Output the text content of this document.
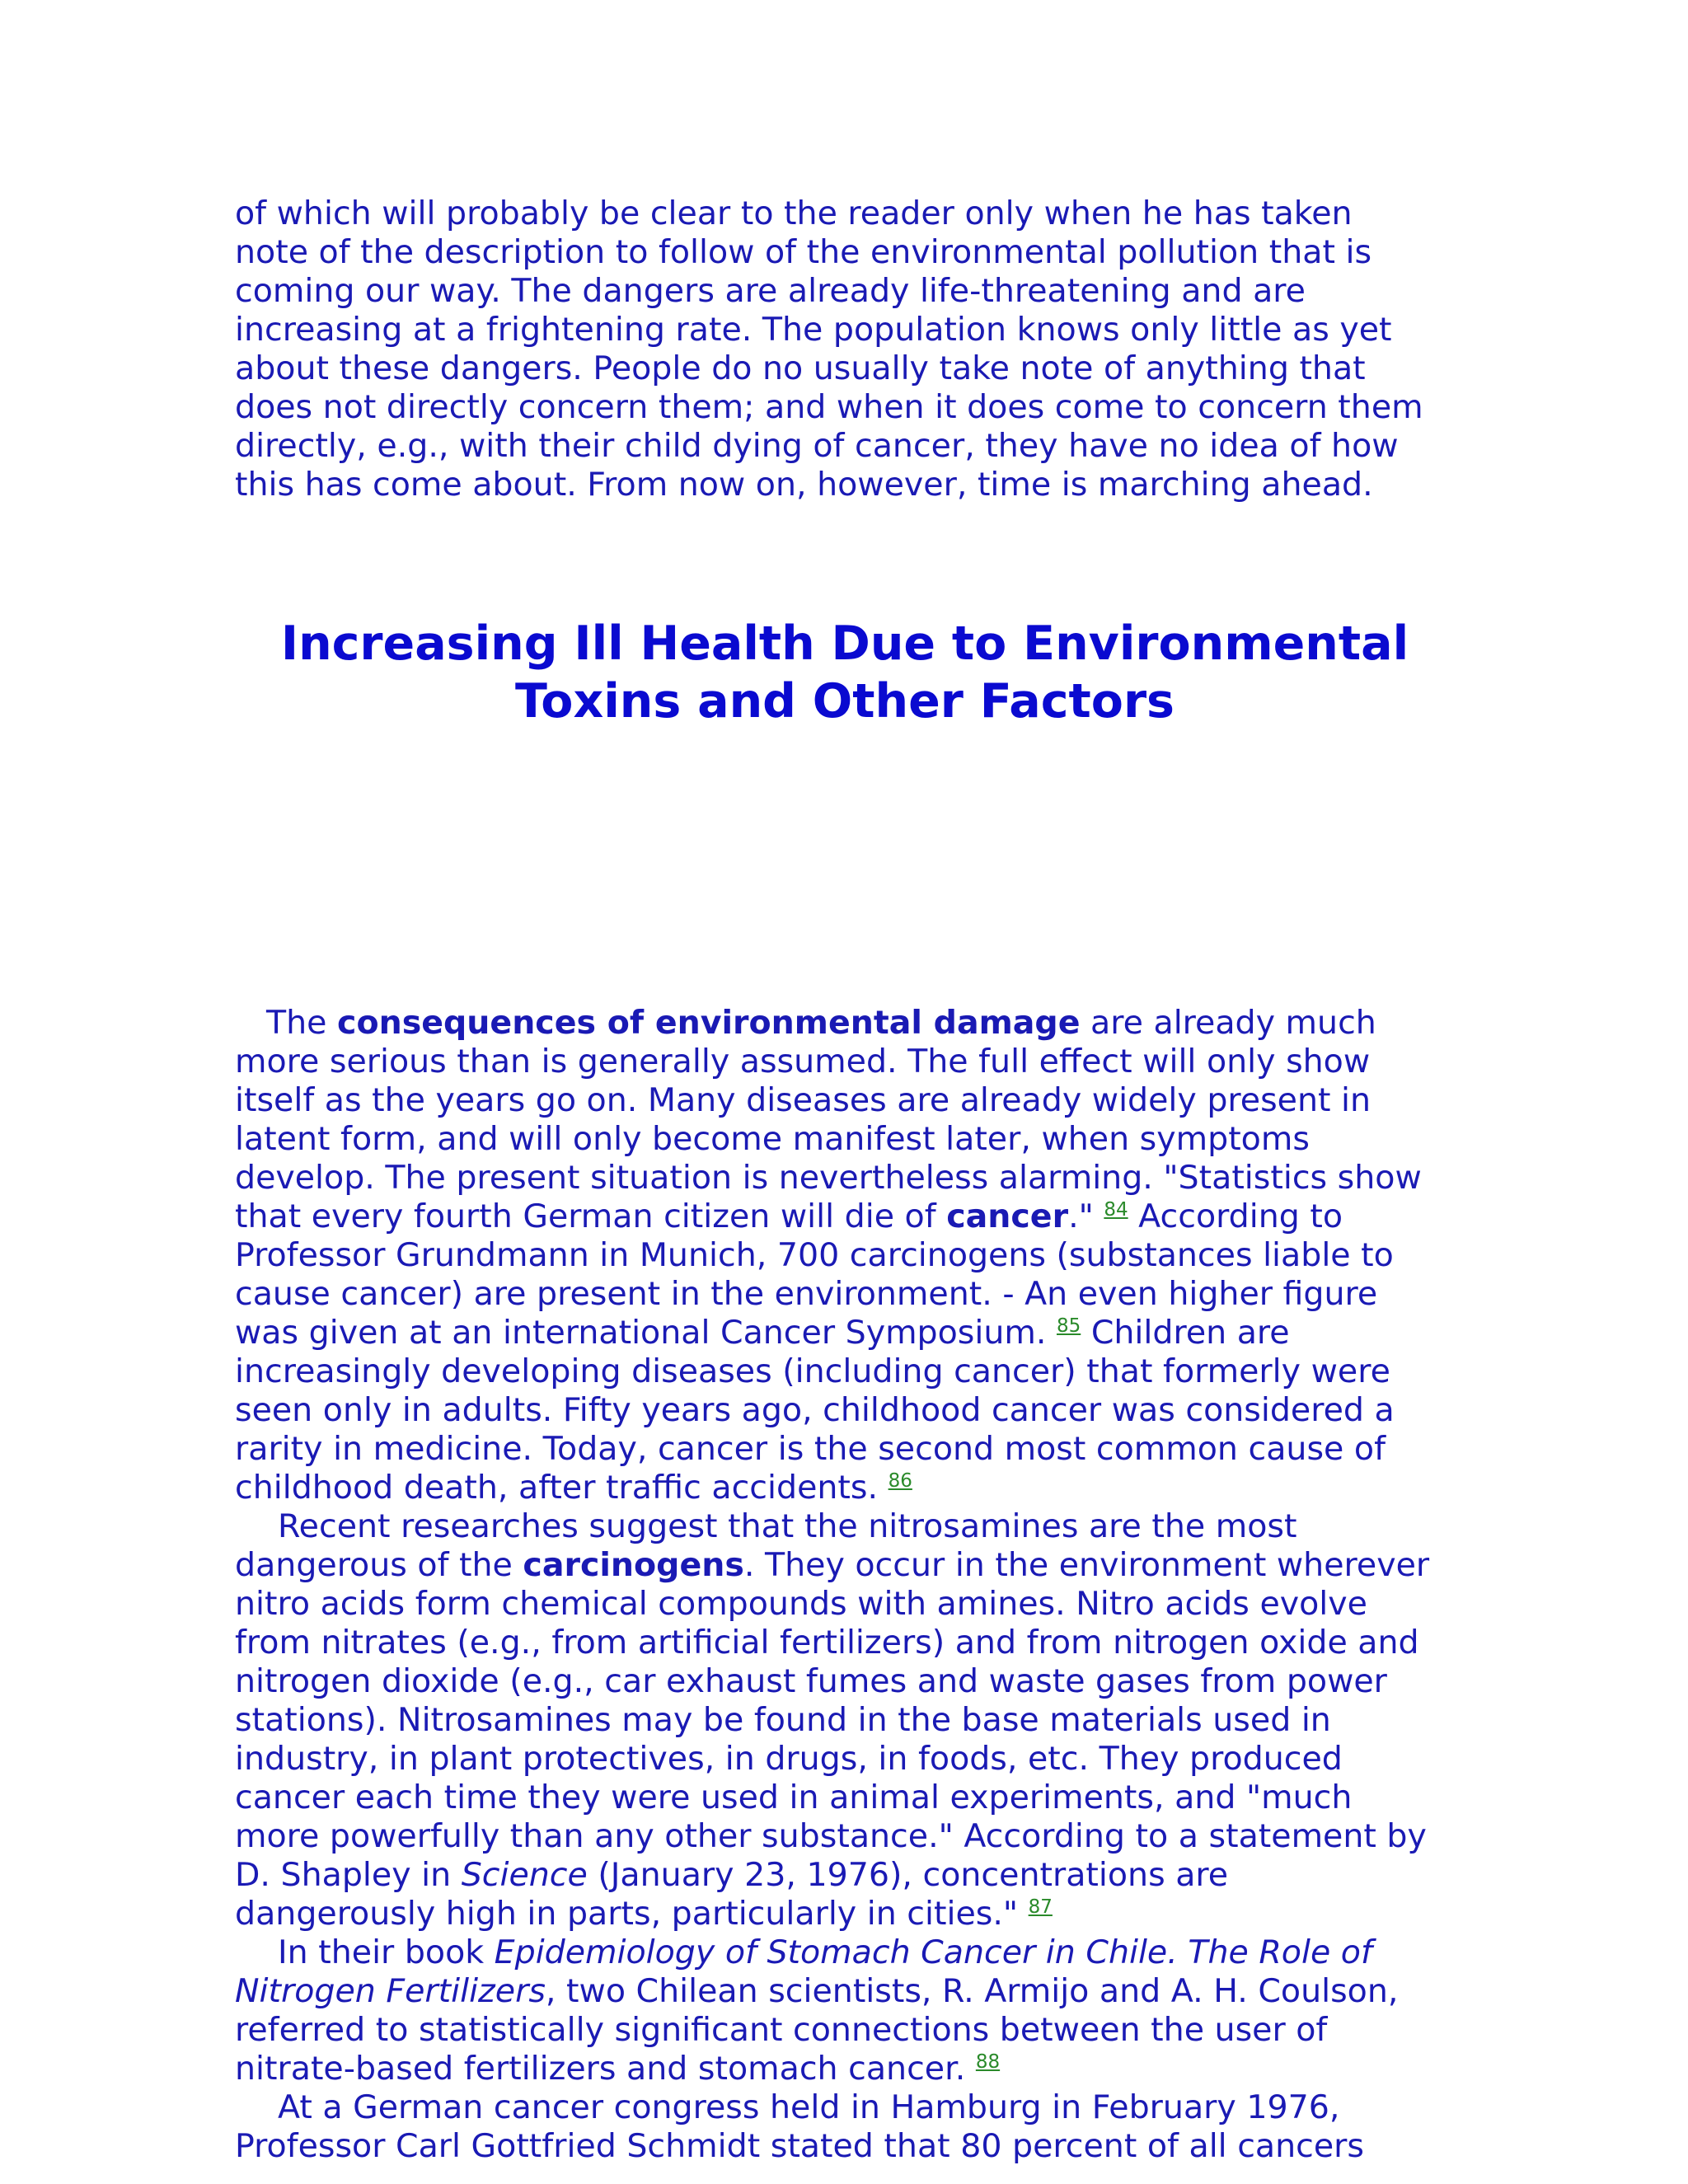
of which will probably be clear to the reader only when he has taken
note of the description to follow of the environmental pollution that is
coming our way. The dangers are already life-threatening and are
increasing at a frightening rate. The population knows only little as yet
about these dangers. People do no usually take note of anything that
does not directly concern them; and when it does come to concern them
directly, e.g., with their child dying of cancer, they have no idea of how
this has come about. From now on, however, time is marching ahead.

Increasing Ill Health Due to Environmental
Toxins and Other Factors

The consequences of environmental damage are already much
more serious than is generally assumed. The full effect will only show
itself as the years go on. Many diseases are already widely present in
latent form, and will only become manifest later, when symptoms
develop. The present situation is nevertheless alarming. "Statistics show
that every fourth German citizen will die of cancer." $^{84}$ According to
Professor Grundmann in Munich, 700 carcinogens (substances liable to
cause cancer) are present in the environment. - An even higher figure
was given at an international Cancer Symposium. $^{85}$ Children are
increasingly developing diseases (including cancer) that formerly were
seen only in adults. Fifty years ago, childhood cancer was considered a
rarity in medicine. Today, cancer is the second most common cause of
childhood death, after traffic accidents. $^{86}$

Recent researches suggest that the nitrosamines are the most
dangerous of the carcinogens. They occur in the environment wherever
nitro acids form chemical compounds with amines. Nitro acids evolve
from nitrates (e.g., from artificial fertilizers) and from nitrogen oxide and
nitrogen dioxide (e.g., car exhaust fumes and waste gases from power
stations). Nitrosamines may be found in the base materials used in
industry, in plant protectives, in drugs, in foods, etc. They produced
cancer each time they were used in animal experiments, and "much
more powerfully than any other substance." According to a statement by
D. Shapley in Science (January 23, 1976), concentrations are
dangerously high in parts, particularly in cities." $^{87}$

In their book Epidemiology of Stomach Cancer in Chile. The Role of
Nitrogen Fertilizers, two Chilean scientists, R. Armijo and A. H. Coulson,
referred to statistically significant connections between the user of
nitrate-based fertilizers and stomach cancer. $^{88}$

At a German cancer congress held in Hamburg in February 1976,
Professor Carl Gottfried Schmidt stated that 80 percent of all cancers
